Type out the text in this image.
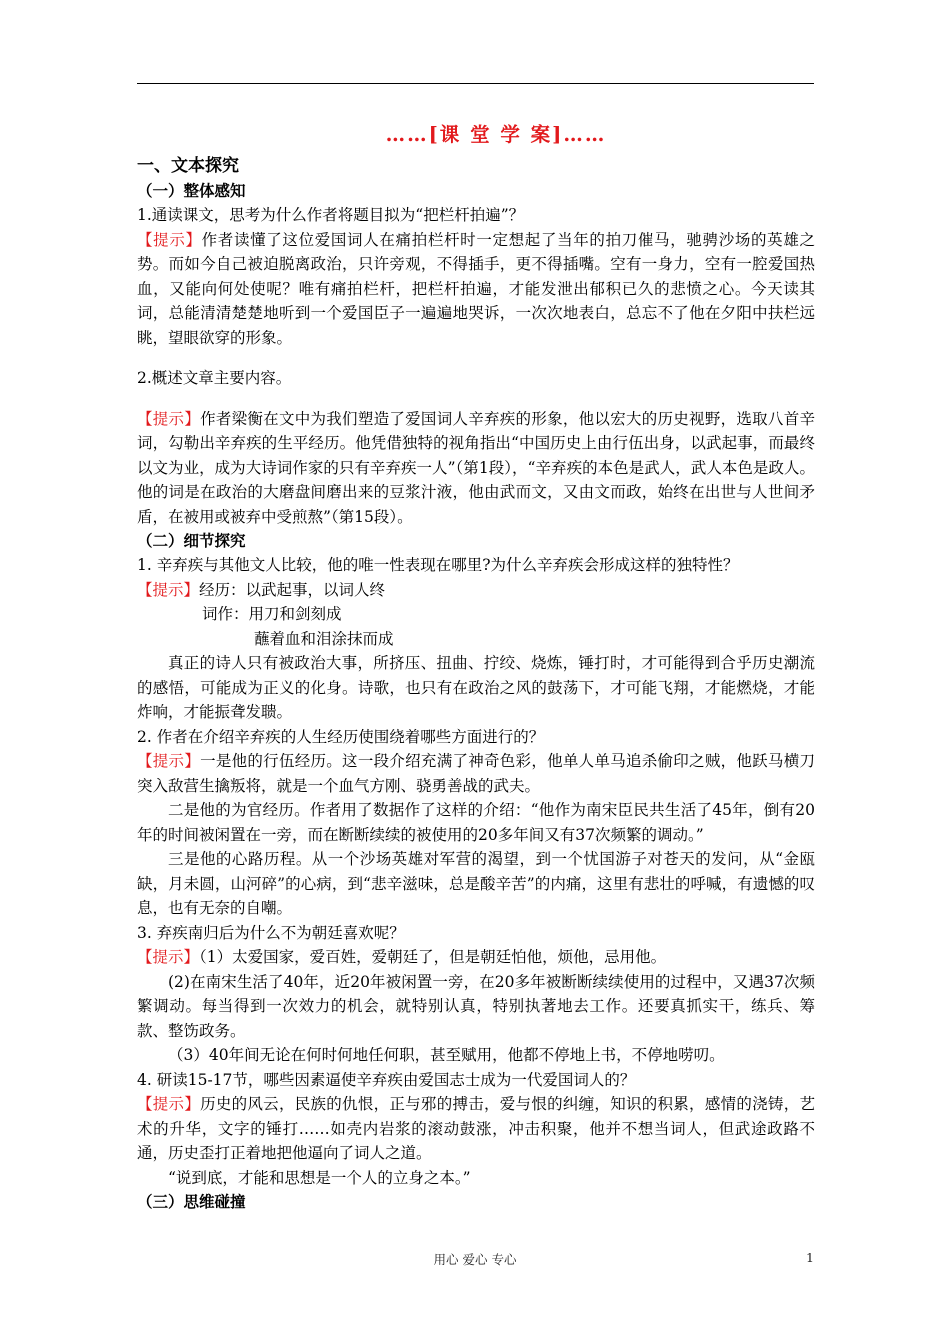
……[课 堂 学 案]……
一、文本探究
（一）整体感知

1.通读课文，思考为什么作者将题目拟为“把栏杆拍遍”？

【提示】作者读懂了这位爱国词人在痛拍栏杆时一定想起了当年的拍刀催马，驰骋沙场的英雄之势。而如今自己被迫脱离政治，只许旁观，不得插手，更不得插嘴。空有一身力，空有一腔爱国热血，又能向何处使呢？唯有痛拍栏杆，把栏杆拍遍，才能发泄出郁积已久的悲愤之心。今天读其词，总能清清楚楚地听到一个爱国臣子一遍遍地哭诉，一次次地表白，总忘不了他在夕阳中扶栏远眺，望眼欲穿的形象。

2.概述文章主要内容。

【提示】作者梁衡在文中为我们塑造了爱国词人辛弃疾的形象，他以宏大的历史视野，选取八首辛词，勾勒出辛弃疾的生平经历。他凭借独特的视角指出“中国历史上由行伍出身，以武起事，而最终以文为业，成为大诗词作家的只有辛弃疾一人”（第1段），“辛弃疾的本色是武人，武人本色是政人。他的词是在政治的大磨盘间磨出来的豆浆汁液，他由武而文，又由文而政，始终在出世与人世间矛盾，在被用或被弃中受煎熬”（第15段）。

（二）细节探究

1. 辛弃疾与其他文人比较，他的唯一性表现在哪里?为什么辛弃疾会形成这样的独特性？

【提示】经历：以武起事，以词人终

词作：用刀和剑刻成

蘸着血和泪涂抹而成

真正的诗人只有被政治大事，所挤压、扭曲、拧绞、烧炼，锤打时，才可能得到合乎历史潮流的感悟，可能成为正义的化身。诗歌，也只有在政治之风的鼓荡下，才可能飞翔，才能燃烧，才能炸响，才能振聋发聩。

2. 作者在介绍辛弃疾的人生经历使围绕着哪些方面进行的？

【提示】一是他的行伍经历。这一段介绍充满了神奇色彩，他单人单马追杀偷印之贼，他跃马横刀突入敌营生擒叛将，就是一个血气方刚、骁勇善战的武夫。

二是他的为官经历。作者用了数据作了这样的介绍：“他作为南宋臣民共生活了45年，倒有20年的时间被闲置在一旁，而在断断续续的被使用的20多年间又有37次频繁的调动。”

三是他的心路历程。从一个沙场英雄对军营的渴望，到一个忧国游子对苍天的发问，从“金瓯缺，月未圆，山河碎”的心病，到“悲辛滋味，总是酸辛苦”的内痛，这里有悲壮的呼喊，有遗憾的叹息，也有无奈的自嘲。

3. 弃疾南归后为什么不为朝廷喜欢呢？

【提示】（1）太爱国家，爱百姓，爱朝廷了，但是朝廷怕他，烦他，忌用他。

(2)在南宋生活了40年，近20年被闲置一旁，在20多年被断断续续使用的过程中，又遇37次频繁调动。每当得到一次效力的机会，就特别认真，特别执著地去工作。还要真抓实干，练兵、筹款、整饬政务。

（3）40年间无论在何时何地任何职，甚至赋用，他都不停地上书，不停地唠叨。

4. 研读15-17节，哪些因素逼使辛弃疾由爱国志士成为一代爱国词人的？

【提示】历史的风云，民族的仇恨，正与邪的搏击，爱与恨的纠缠，知识的积累，感情的浇铸，艺术的升华，文字的锤打……如壳内岩浆的滚动鼓涨，冲击积聚，他并不想当词人，但武途政路不通，历史歪打正着地把他逼向了词人之道。

“说到底，才能和思想是一个人的立身之本。”

（三）思维碰撞
用心 爱心 专心	1
